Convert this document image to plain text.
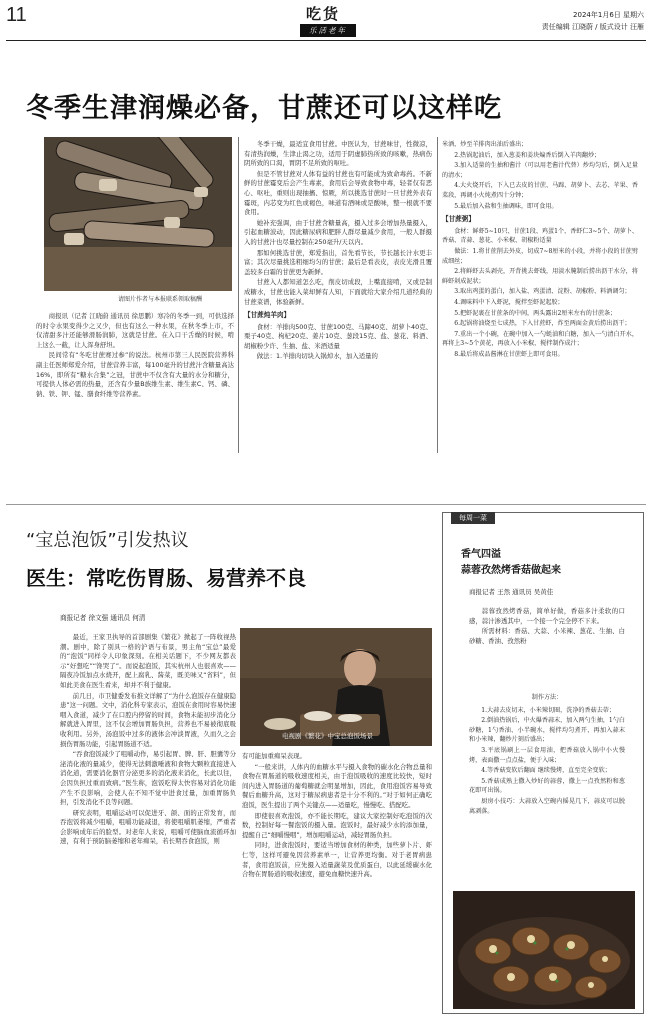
11	吃货
乐活老年
2024年1月6日 星期六
责任编辑 江晓蔚 / 版式设计 汪雁
冬季生津润燥必备，甘蔗还可以这样吃
请图片作者与本报联系领取稿酬

商报讯（记者 江晓蔚 通讯员 徐思鹏）寒冷的冬季一到，可供选择的时令水果变得少之又少，但也有这么一种水果，在秋冬季上市，不仅清甜多汁还能够滑肠润肺，这就是甘蔗。在入口干舌燥的时候，啃上这么一截，让人浑身舒坦。

民间常有“冬吃甘蔗赛过参”的说法。杭州市第三人民医院营养科副主任医师郑爱介绍，甘蔗营养丰富，每100毫升的甘蔗汁含糖量高达16%，即所有“糖水合集”之冠，甘蔗中不仅含有大量的水分和糖分，可提供人体必需的热量，还含有少量B族维生素、维生素C、钙、磷、钠、铁、钾、锰、膳食纤维等营养素。

冬季干燥，最适宜食用甘蔗。中医认为，甘蔗味甘，性微凉，有清热润燥，生津止渴之功，适用于阴虚肺热所致的咳嗽，热病伤阴所致的口渴，胃阴不足所致的呕吐。

但是不管甘蔗对人体有益的甘蔗也有可能成为致命毒药。不新鲜的甘蔗霉变后会产生毒素，食用后会导致食物中毒，轻者仅有恶心、呕吐，重则出现抽搐、惊厥，所以挑选甘蔗时一旦甘蔗外表有霉斑，内芯变为红色或褐色，味道有酒味或是酸味，整一根就不要食用。

她补充强调，由于甘蔗含糖量高，摄入过多会增加热量摄入，引起血糖波动，因此糖尿病和肥胖人群尽量减少食用，一般人群摄入的甘蔗汁也尽量控制在250毫升/天以内。

那如何挑选甘蔗，郑爱指出，首先看节长，节长越长汁水更丰富；其次尽量挑选粗细均匀的甘蔗；最后是看表皮，表皮光滑且覆盖较多白霜的甘蔗更为新鲜。

甘蔗入人都知道怎么吃，削皮切成段，上嘴直接啃，又或是制成糖水，甘蔗也能入菜却鲜有人知，下面就给大家介绍几道经典的甘蔗菜谱，体验新鲜。

【甘蔗炖羊肉】

食材：羊排肉500克、甘蔗100克、马蹄40克、胡萝卜40克、栗子40克、枸杞20克、姜片10克、葱段15克、盐、葱花、料酒、胡椒粉少许、生抽、盐、米酒适量

做法：1.羊排肉切块入锅焯水，加入适量的

米酒，炒至羊排肉出油后盛出；

2.热锅起油后，加入葱姜和姜块煸香后倒入羊肉翻炒；

3.加入适量的生抽和酱汁（可以用老酱汁代替）炒均匀后，倒入足量的清水；

4.大火烧开后，下入已去皮的甘蔗、马蹄、胡萝卜、去芯、苹果、香菜段，再调小火炖煮四十分钟；

5.最后加入盐和生抽调味，即可食用。

【甘蔗粥】

食材：鲜虾5~10只、甘蔗1段、鸡蛋1个、香虾仁3~5个、胡萝卜、香菇、青蒜、葱花、小米椒、胡椒粉适量

做法：1.将甘蔗削去外皮，切成7~8厘米的小段，并将小段的甘蔗劈成细丝；

2.将鲜虾去头剥壳，开背挑去虾线，用淡水腌制后捞出沥干水分，将鲜虾剁成泥状；

3.取出鸡蛋的蛋白，加入盐、鸡蛋清、淀粉、胡椒粉、料酒调匀；

4.调味料中下入虾泥，搅拌至虾泥起胶；

5.把虾泥裹在甘蔗条的中间，两头露出2厘米左右的甘蔗条；

6.起锅将油烧至七成热，下入甘蔗虾，炸至两面金黄后捞出沥干；

7.重出一个小碗，在碗中加入一勺蚝油和白糖，加入一勺清白开水，再将上3~5个黄花，再放入小米椒，搅拌制作成汁；

8.最后将成品酱淋在甘蔗虾上即可食用。

“宝总泡饭”引发热议
医生：常吃伤胃肠、易营养不良
商报记者 徐文强 通讯员 何清

最近，王家卫执导的首部剧集《繁花》掀起了一阵收视热潮。剧中，除了别具一格的沪语与布景，男主角“宝总”最爱的“泡饭”同样令人印象深刻。在相关话题下，不少网友都表示“好想吃”“馋哭了”。而说起泡饭，其实杭州人也很喜欢——隔夜冷饭加点水烧开，配上腐乳、酱菜，既美味又“省料”，但如此美食在医生看来，却并不利于健康。

前几日，市卫健委发布推文详解了“为什么泡饭存在健康隐患”这一问题。文中，消化科专家表示，泡饭在食用时容易快速咽入食道，减少了在口腔内停留的时间，食物未能初步消化分解就进入胃里，这不仅会增加胃肠负担，营养也不易被彻底吸收利用。另外，汤泡饭中过多的液体会冲淡胃液，久而久之会损伤胃肠功能，引起胃肠道不适。

“吞食泡饭减少了咀嚼动作，易引起胃、脾、肝、胆囊等分泌消化液的量减少，使得无法刺激唾液和食物大颗粒直接进入消化道，需要消化器官分泌更多的消化液来消化，长此以往，会因负担过重而致病。”医生称，泡饭吃得太快容易对消化功能产生不良影响，会使人在不知不觉中进食过量，加重胃肠负担，引发消化不良等问题。

研究表明，咀嚼运动可以促进牙、颌、面的正常发育，而吞泡饭将减少咀嚼，咀嚼功能减退，将使咀嚼肌萎缩，严重者会影响成年后的脸型。对老年人来说，咀嚼可使脑血流循环加速，有利于预防脑萎缩和老年痴呆，若长期吞食泡饭，则

电视剧《繁花》中宝总泡饭场景

有可能加重痴呆表现。

“一般来讲，人体内的血糖水平与摄入食物的碳水化合物总量和食物在胃肠道的吸收速度相关，由于泡饭吸收的速度比较快，短时间内进入胃肠道的葡萄糖就会明显增加，因此，食用泡饭容易导致餐后血糖升高，这对于糖尿病患者是十分不利的。”对于如何正确吃泡饭，医生提出了两个关键点——适量吃，慢慢吃、搭配吃。

即使很喜欢泡饭，亦不能长期吃，建议大家控制好吃泡饭的次数，控制好每一餐泡饭的摄入量。泡饭时，最好减少水的添加量，提醒自己“细嚼慢咽”，增加咀嚼运动，减轻胃肠负担。

同时，进食泡饭时，要适当增加食材的种类，加些萝卜片、虾仁等，这样可避免因营养素单一，让营养更均衡。对于老胃病患者，食用泡饭前，应先摄入适量蔬菜及优质蛋白，以此延缓碳水化合物在胃肠道的吸收速度，避免血糖快速升高。

每周一菜
香气四溢
蒜蓉孜然烤香菇做起来
商报记者 王然 通讯员 吴黄佳

蒜蓉孜然烤香菇，简单好做，香菇多汁柔软的口感，蒜汁渗透其中，一个接一个完全停不下来。

所需材料：香菇、大蒜、小米辣、葱花、生抽、白砂糖、香油、孜然粉

制作方法：

1.大蒜去皮切末，小米辣切圈，洗净的香菇去蒂；

2.倒油热锅后，中火爆香蒜末，加入两勺生抽，1勺白砂糖，1勺香油、小半碗水，搅拌均匀煮开，再加入蒜末和小米辣，翻炒片刻后盛出；

3.平底锅刷上一层食用油，把香菇放入锅中小火慢烤，表面撒一点点盐，便于入味；

4.等香菇变软后翻面 继续慢烤，直至完全变软；

5.香菇成熟上撒入炒好的蒜蓉，撒上一点孜然粉和葱花即可出锅。

厨房小技巧：大蒜放入空碗内摇晃几下，蒜皮可以脱离剥落。
